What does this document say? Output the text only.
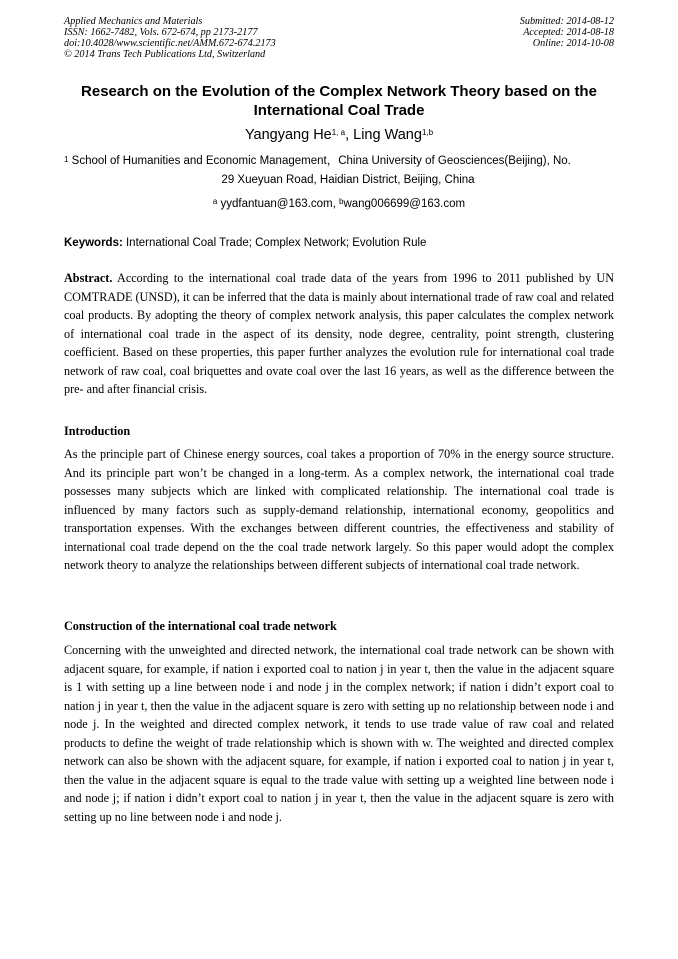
Applied Mechanics and Materials
ISSN: 1662-7482, Vols. 672-674, pp 2173-2177
doi:10.4028/www.scientific.net/AMM.672-674.2173
© 2014 Trans Tech Publications Ltd, Switzerland
Submitted: 2014-08-12
Accepted: 2014-08-18
Online: 2014-10-08
Research on the Evolution of the Complex Network Theory based on the International Coal Trade
Yangyang He$^{1, a}$, Ling Wang$^{1,b}$
$^1$ School of Humanities and Economic Management，China University of Geosciences(Beijing), No.
29 Xueyuan Road, Haidian District, Beijing, China
$^a$ yydfantuan@163.com, $^b$wang006699@163.com
Keywords: International Coal Trade; Complex Network; Evolution Rule
Abstract. According to the international coal trade data of the years from 1996 to 2011 published by UN COMTRADE (UNSD), it can be inferred that the data is mainly about international trade of raw coal and related coal products. By adopting the theory of complex network analysis, this paper calculates the complex network of international coal trade in the aspect of its density, node degree, centrality, point strength, clustering coefficient. Based on these properties, this paper further analyzes the evolution rule for international coal trade network of raw coal, coal briquettes and ovate coal over the last 16 years, as well as the difference between the pre- and after financial crisis.
Introduction
As the principle part of Chinese energy sources, coal takes a proportion of 70% in the energy source structure. And its principle part won’t be changed in a long-term. As a complex network, the international coal trade possesses many subjects which are linked with complicated relationship. The international coal trade is influenced by many factors such as supply-demand relationship, international economy, geopolitics and transportation expenses. With the exchanges between different countries, the effectiveness and stability of international coal trade depend on the the coal trade network largely. So this paper would adopt the complex network theory to analyze the relationships between different subjects of international coal trade network.
Construction of the international coal trade network
Concerning with the unweighted and directed network, the international coal trade network can be shown with adjacent square, for example, if nation i exported coal to nation j in year t, then the value in the adjacent square is 1 with setting up a line between node i and node j in the complex network; if nation i didn’t export coal to nation j in year t, then the value in the adjacent square is zero with setting up no relationship between node i and node j. In the weighted and directed complex network, it tends to use trade value of raw coal and related products to define the weight of trade relationship which is shown with w. The weighted and directed complex network can also be shown with the adjacent square, for example, if nation i exported coal to nation j in year t, then the value in the adjacent square is equal to the trade value with setting up a weighted line between node i and node j; if nation i didn’t export coal to nation j in year t, then the value in the adjacent square is zero with setting up no line between node i and node j.
